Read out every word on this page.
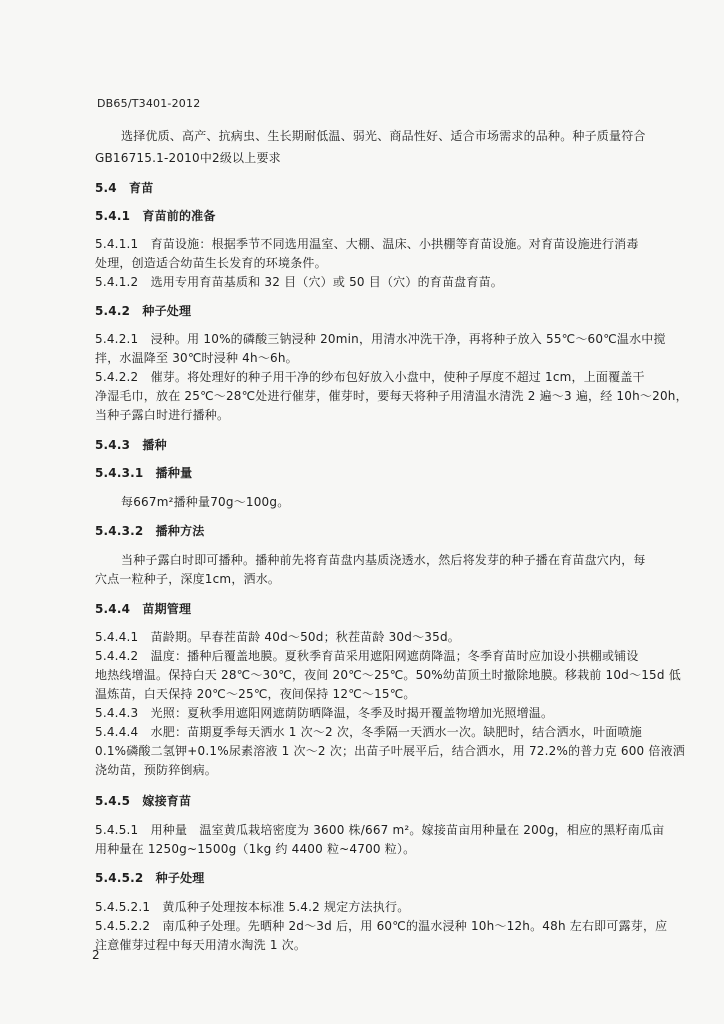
DB65/T3401-2012
选择优质、高产、抗病虫、生长期耐低温、弱光、商品性好、适合市场需求的品种。种子质量符合
GB16715.1-2010中2级以上要求
5.4　育苗
5.4.1　育苗前的准备
5.4.1.1　育苗设施：根据季节不同选用温室、大棚、温床、小拱棚等育苗设施。对育苗设施进行消毒
处理，创造适合幼苗生长发育的环境条件。
5.4.1.2　选用专用育苗基质和 32 目（穴）或 50 目（穴）的育苗盘育苗。
5.4.2　种子处理
5.4.2.1　浸种。用 10%的磷酸三钠浸种 20min，用清水冲洗干净，再将种子放入 55℃～60℃温水中搅
拌，水温降至 30℃时浸种 4h～6h。
5.4.2.2　催芽。将处理好的种子用干净的纱布包好放入小盘中，使种子厚度不超过 1cm，上面覆盖干
净湿毛巾，放在 25℃～28℃处进行催芽，催芽时，要每天将种子用清温水清洗 2 遍～3 遍，经 10h～20h，
当种子露白时进行播种。
5.4.3　播种
5.4.3.1　播种量
每667m²播种量70g～100g。
5.4.3.2　播种方法
当种子露白时即可播种。播种前先将育苗盘内基质浇透水，然后将发芽的种子播在育苗盘穴内，每
穴点一粒种子，深度1cm，洒水。
5.4.4　苗期管理
5.4.4.1　苗龄期。早春茬苗龄 40d～50d；秋茬苗龄 30d～35d。
5.4.4.2　温度：播种后覆盖地膜。夏秋季育苗采用遮阳网遮荫降温；冬季育苗时应加设小拱棚或铺设
地热线增温。保持白天 28℃～30℃，夜间 20℃～25℃。50%幼苗顶土时撤除地膜。移栽前 10d～15d 低
温炼苗，白天保持 20℃～25℃，夜间保持 12℃～15℃。
5.4.4.3　光照：夏秋季用遮阳网遮荫防晒降温，冬季及时揭开覆盖物增加光照增温。
5.4.4.4　水肥：苗期夏季每天洒水 1 次～2 次，冬季隔一天洒水一次。缺肥时，结合洒水，叶面喷施
0.1%磷酸二氢钾+0.1%尿素溶液 1 次～2 次；出苗子叶展平后，结合洒水，用 72.2%的普力克 600 倍液洒
浇幼苗，预防猝倒病。
5.4.5　嫁接育苗
5.4.5.1　用种量　温室黄瓜栽培密度为 3600 株/667 m²。嫁接苗亩用种量在 200g，相应的黑籽南瓜亩
用种量在 1250g~1500g（1kg 约 4400 粒~4700 粒）。
5.4.5.2　种子处理
5.4.5.2.1　黄瓜种子处理按本标准 5.4.2 规定方法执行。
5.4.5.2.2　南瓜种子处理。先晒种 2d～3d 后，用 60℃的温水浸种 10h～12h。48h 左右即可露芽，应
注意催芽过程中每天用清水淘洗 1 次。
2
